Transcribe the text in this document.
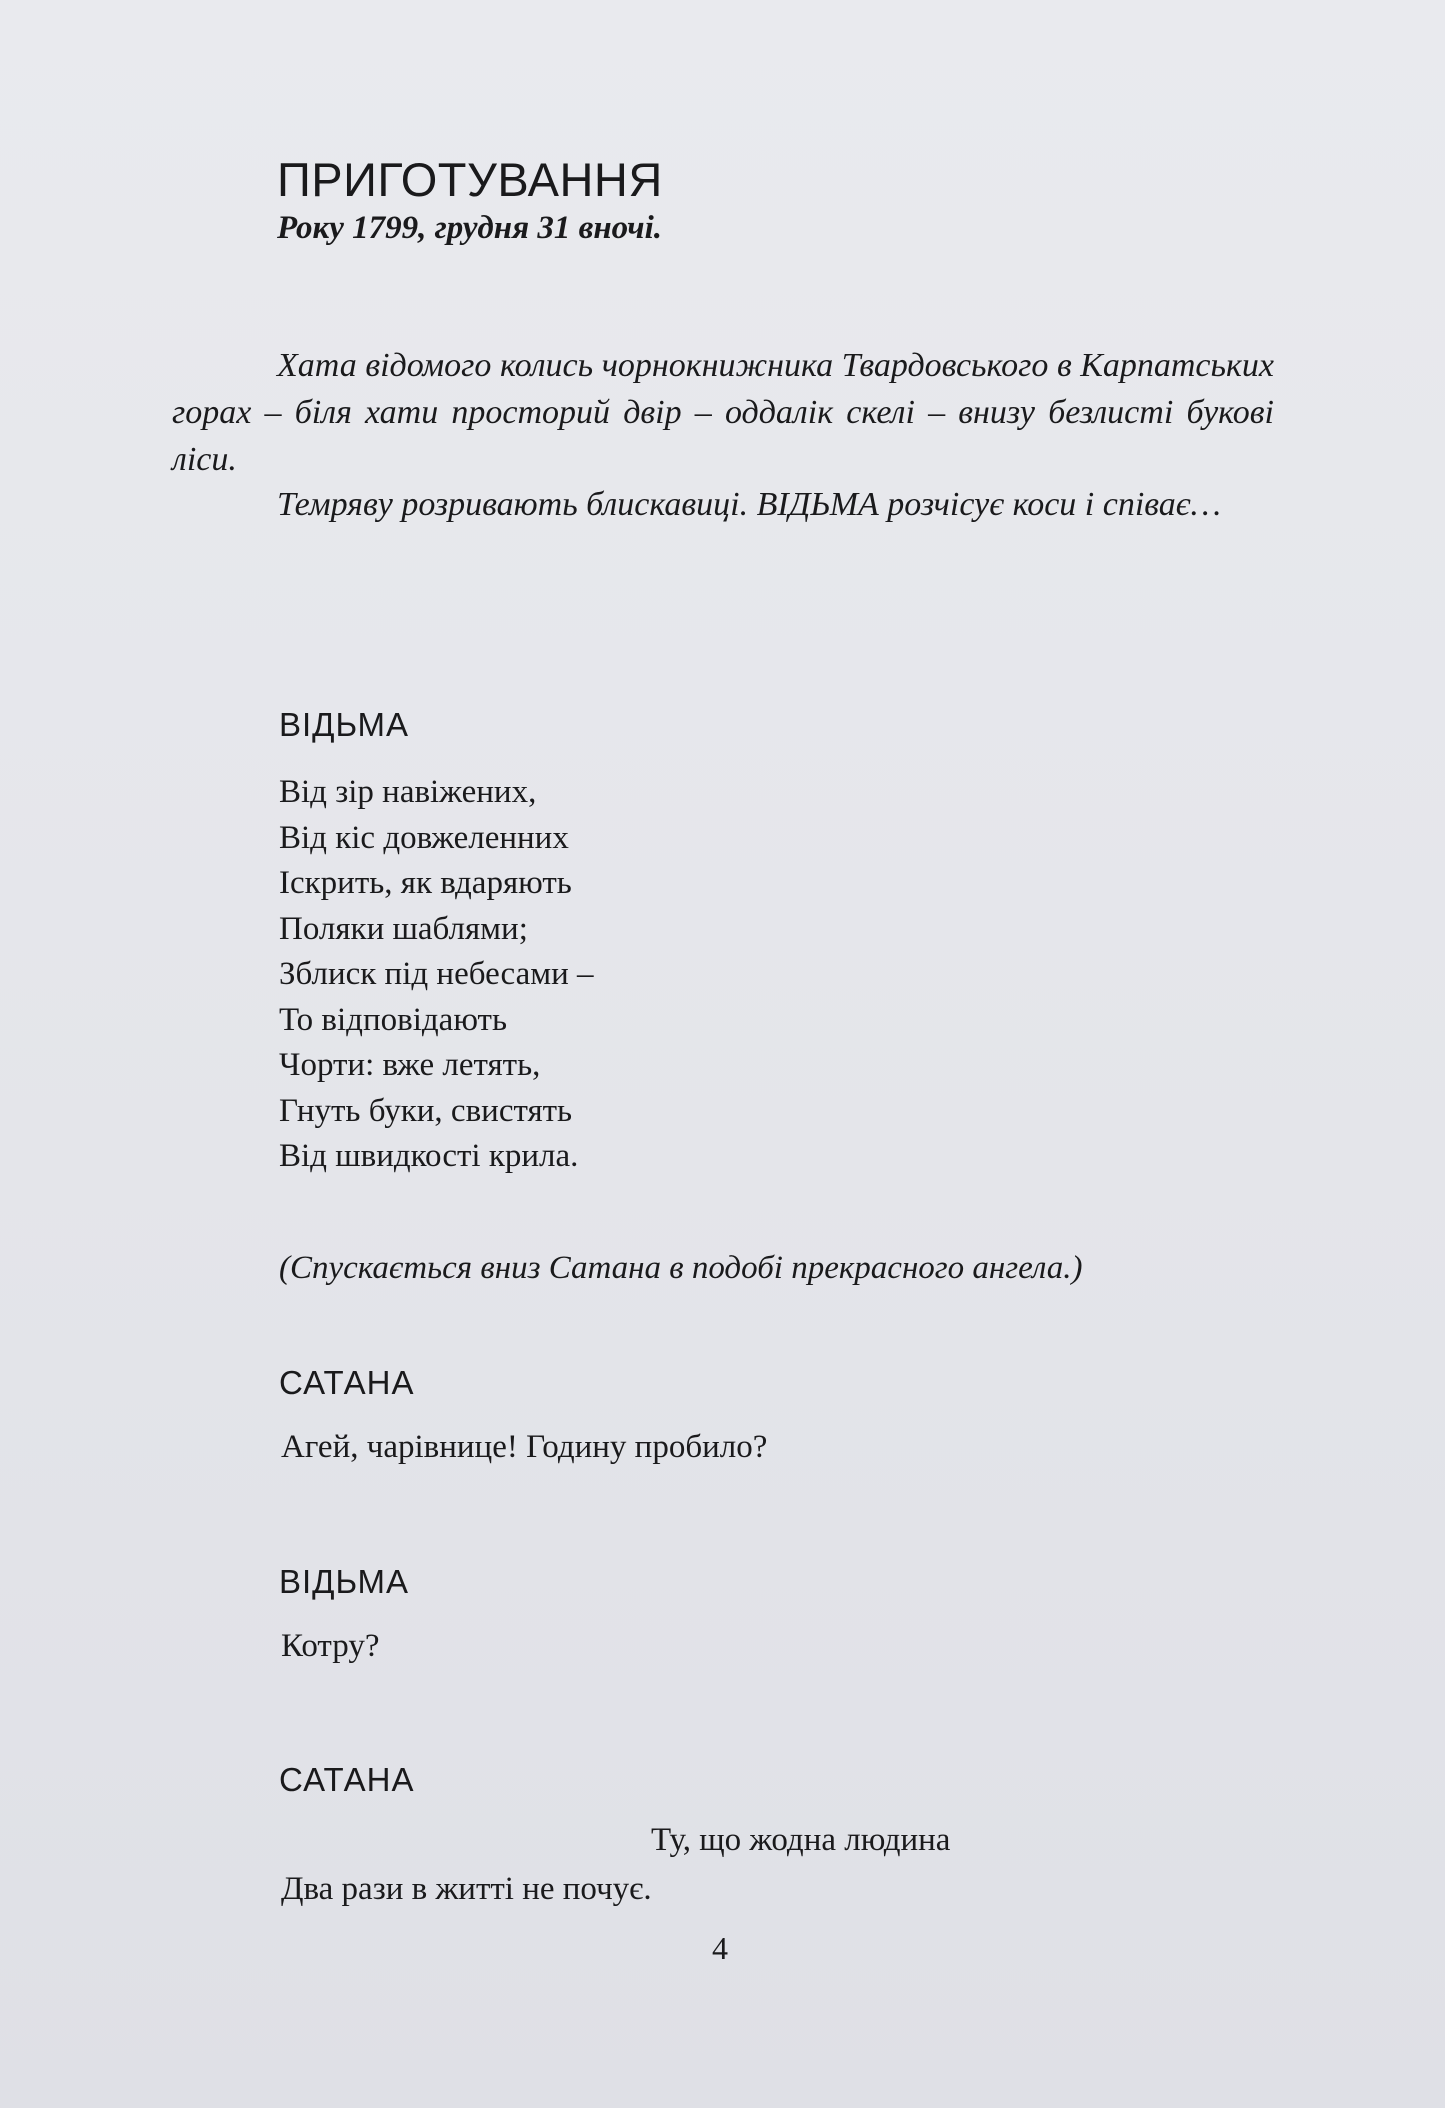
ПРИГОТУВАННЯ
Року 1799, грудня 31 вночі.

Хата відомого колись чорнокнижника Твардовського в Карпатських горах – біля хати просторий двір – оддалік скелі – внизу безлисті букові ліси.

Темряву розривають блискавиці. ВІДЬМА розчісує коси і співає…

ВІДЬМА
Від зір навіжених,
Від кіс довжеленних
Іскрить, як вдаряють
Поляки шаблями;
Зблиск під небесами –
То відповідають
Чорти: вже летять,
Гнуть буки, свистять
Від швидкості крила.
(Спускається вниз Сатана в подобі прекрасного ангела.)
САТАНА
Агей, чарівнице! Годину пробило?
ВІДЬМА
Котру?
САТАНА
Ту, що жодна людина
Два рази в житті не почує.
4
